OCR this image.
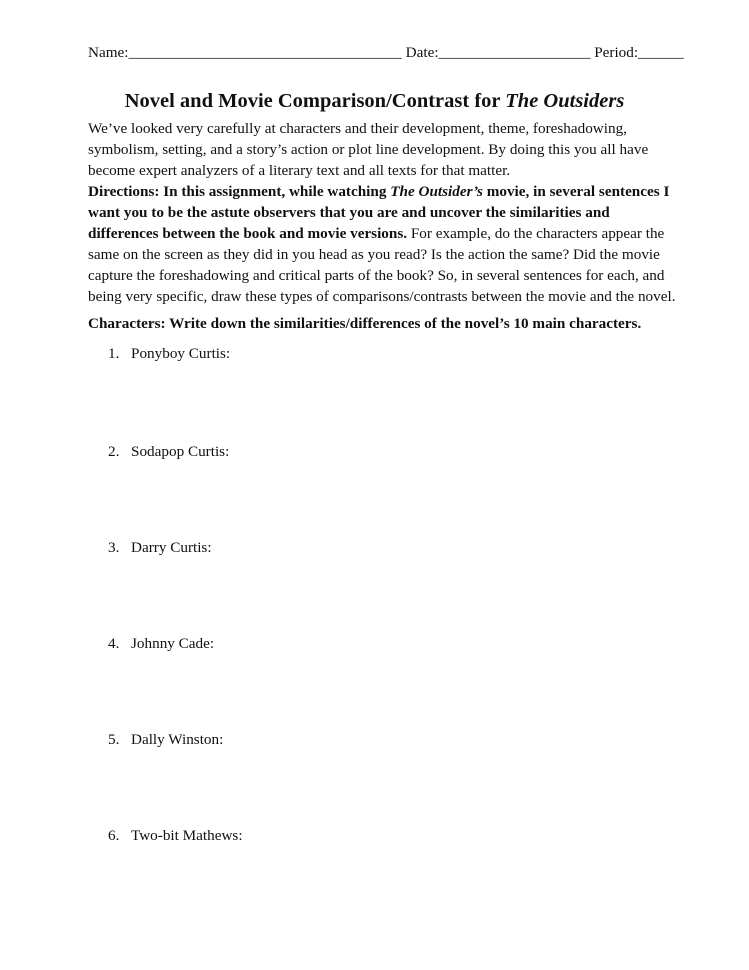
Name:____________________________________ Date:____________________ Period:______
Novel and Movie Comparison/Contrast for The Outsiders
We’ve looked very carefully at characters and their development, theme, foreshadowing,
symbolism, setting, and a story’s action or plot line development. By doing this you all have
become expert analyzers of a literary text and all texts for that matter.
Directions: In this assignment, while watching The Outsider’s movie, in several sentences I
want you to be the astute observers that you are and uncover the similarities and
differences between the book and movie versions. For example, do the characters appear the
same on the screen as they did in you head as you read? Is the action the same? Did the movie
capture the foreshadowing and critical parts of the book? So, in several sentences for each, and
being very specific, draw these types of comparisons/contrasts between the movie and the novel.
Characters: Write down the similarities/differences of the novel’s 10 main characters.
1. Ponyboy Curtis:
2. Sodapop Curtis:
3. Darry Curtis:
4. Johnny Cade:
5. Dally Winston:
6. Two-bit Mathews:
